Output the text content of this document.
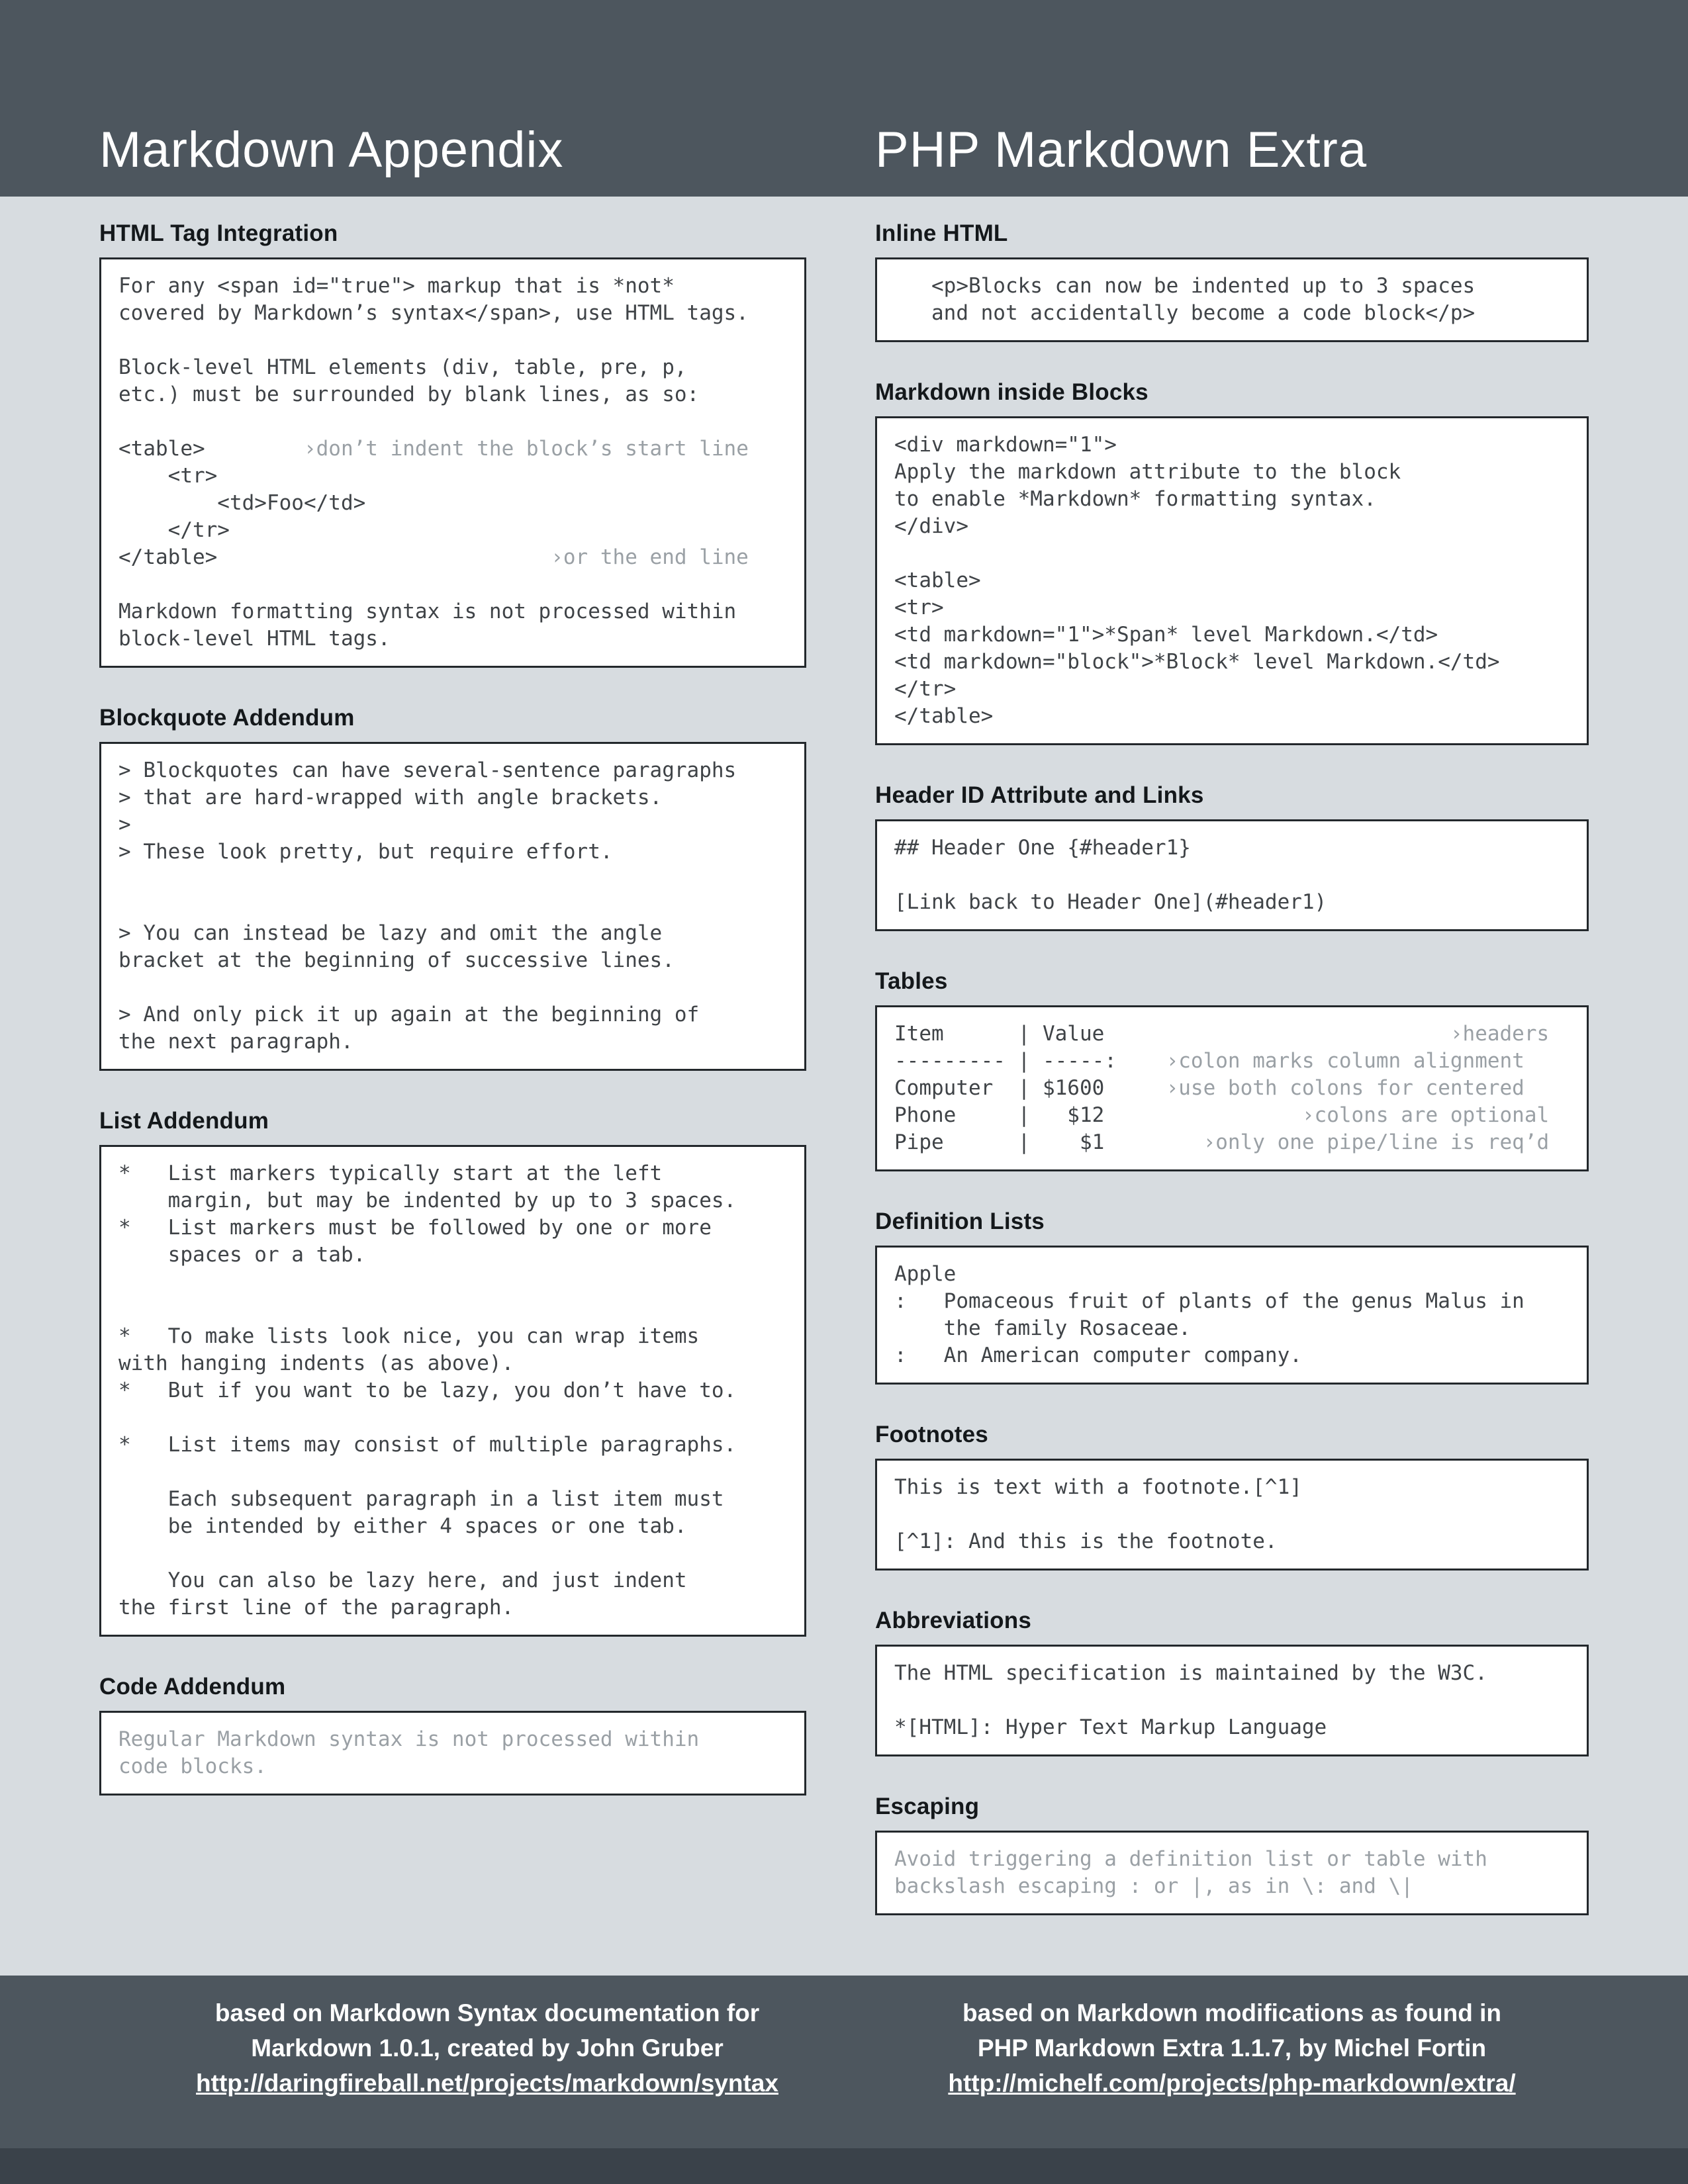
Markdown Appendix	PHP Markdown Extra
HTML Tag Integration
For any <span id="true"> markup that is *not*
covered by Markdown’s syntax</span>, use HTML tags.

Block-level HTML elements (div, table, pre, p,
etc.) must be surrounded by blank lines, as so:

<table>        ›don’t indent the block’s start line
<tr>
<td>Foo</td>
</tr>
</table>                           ›or the end line

Markdown formatting syntax is not processed within
block-level HTML tags.
Blockquote Addendum
> Blockquotes can have several-sentence paragraphs
> that are hard-wrapped with angle brackets.
>
> These look pretty, but require effort.

> You can instead be lazy and omit the angle
bracket at the beginning of successive lines.

> And only pick it up again at the beginning of
the next paragraph.
List Addendum
*   List markers typically start at the left
margin, but may be indented by up to 3 spaces.
*   List markers must be followed by one or more
spaces or a tab.

*   To make lists look nice, you can wrap items
with hanging indents (as above).
*   But if you want to be lazy, you don’t have to.

*   List items may consist of multiple paragraphs.

Each subsequent paragraph in a list item must
be intended by either 4 spaces or one tab.

You can also be lazy here, and just indent
the first line of the paragraph.
Code Addendum
Regular Markdown syntax is not processed within
code blocks.
Inline HTML
<p>Blocks can now be indented up to 3 spaces
and not accidentally become a code block</p>
Markdown inside Blocks
<div markdown="1">
Apply the markdown attribute to the block
to enable *Markdown* formatting syntax.
</div>

<table>
<tr>
<td markdown="1">*Span* level Markdown.</td>
<td markdown="block">*Block* level Markdown.</td>
</tr>
</table>
Header ID Attribute and Links
## Header One {#header1}

[Link back to Header One](#header1)
Tables
Item      | Value                            ›headers
--------- | -----:    ›colon marks column alignment
Computer  | $1600     ›use both colons for centered
Phone     |   $12                ›colons are optional
Pipe      |    $1        ›only one pipe/line is req’d
Definition Lists
Apple
:   Pomaceous fruit of plants of the genus Malus in
the family Rosaceae.
:   An American computer company.
Footnotes
This is text with a footnote.[^1]

[^1]: And this is the footnote.
Abbreviations
The HTML specification is maintained by the W3C.

*[HTML]: Hyper Text Markup Language
Escaping
Avoid triggering a definition list or table with
backslash escaping : or |, as in \: and \|
based on Markdown Syntax documentation for
Markdown 1.0.1, created by John Gruber
http://daringfireball.net/projects/markdown/syntax
based on Markdown modifications as found in
PHP Markdown Extra 1.1.7, by Michel Fortin
http://michelf.com/projects/php-markdown/extra/
